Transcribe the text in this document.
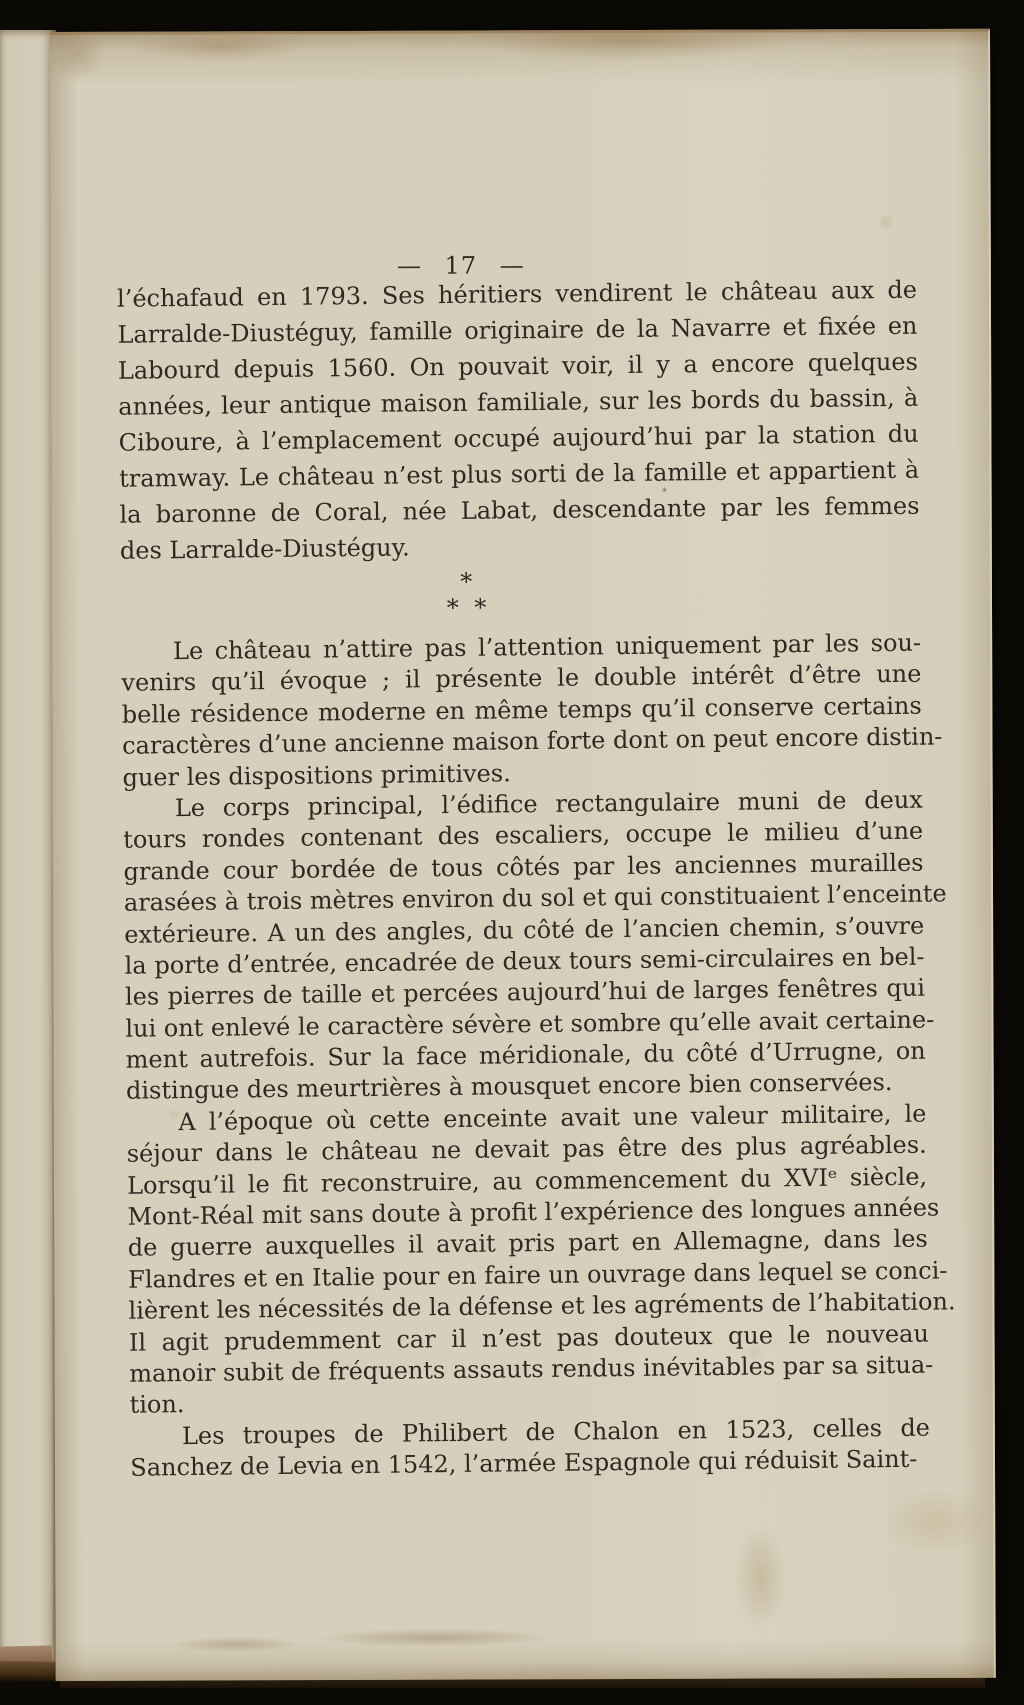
— 17 —
l’échafaud en 1793. Ses héritiers vendirent le château aux de
Larralde-Diustéguy, famille originaire de la Navarre et fixée en
Labourd depuis 1560. On pouvait voir, il y a encore quelques
années, leur antique maison familiale, sur les bords du bassin, à
Ciboure, à l’emplacement occupé aujourd’hui par la station du
tramway. Le château n’est plus sorti de la famille et appartient à
la baronne de Coral, née Labat, descendante par les femmes
des Larralde-Diustéguy.
*
* *
Le château n’attire pas l’attention uniquement par les sou-
venirs qu’il évoque ; il présente le double intérêt d’être une
belle résidence moderne en même temps qu’il conserve certains
caractères d’une ancienne maison forte dont on peut encore distin-
guer les dispositions primitives.
Le corps principal, l’édifice rectangulaire muni de deux
tours rondes contenant des escaliers, occupe le milieu d’une
grande cour bordée de tous côtés par les anciennes murailles
arasées à trois mètres environ du sol et qui constituaient l’enceinte
extérieure. A un des angles, du côté de l’ancien chemin, s’ouvre
la porte d’entrée, encadrée de deux tours semi-circulaires en bel-
les pierres de taille et percées aujourd’hui de larges fenêtres qui
lui ont enlevé le caractère sévère et sombre qu’elle avait certaine-
ment autrefois. Sur la face méridionale, du côté d’Urrugne, on
distingue des meurtrières à mousquet encore bien conservées.
A l’époque où cette enceinte avait une valeur militaire, le
séjour dans le château ne devait pas être des plus agréables.
Lorsqu’il le fit reconstruire, au commencement du XVIᵉ siècle,
Mont-Réal mit sans doute à profit l’expérience des longues années
de guerre auxquelles il avait pris part en Allemagne, dans les
Flandres et en Italie pour en faire un ouvrage dans lequel se conci-
lièrent les nécessités de la défense et les agréments de l’habitation.
Il agit prudemment car il n’est pas douteux que le nouveau
manoir subit de fréquents assauts rendus inévitables par sa situa-
tion.
Les troupes de Philibert de Chalon en 1523, celles de
Sanchez de Levia en 1542, l’armée Espagnole qui réduisit Saint-
